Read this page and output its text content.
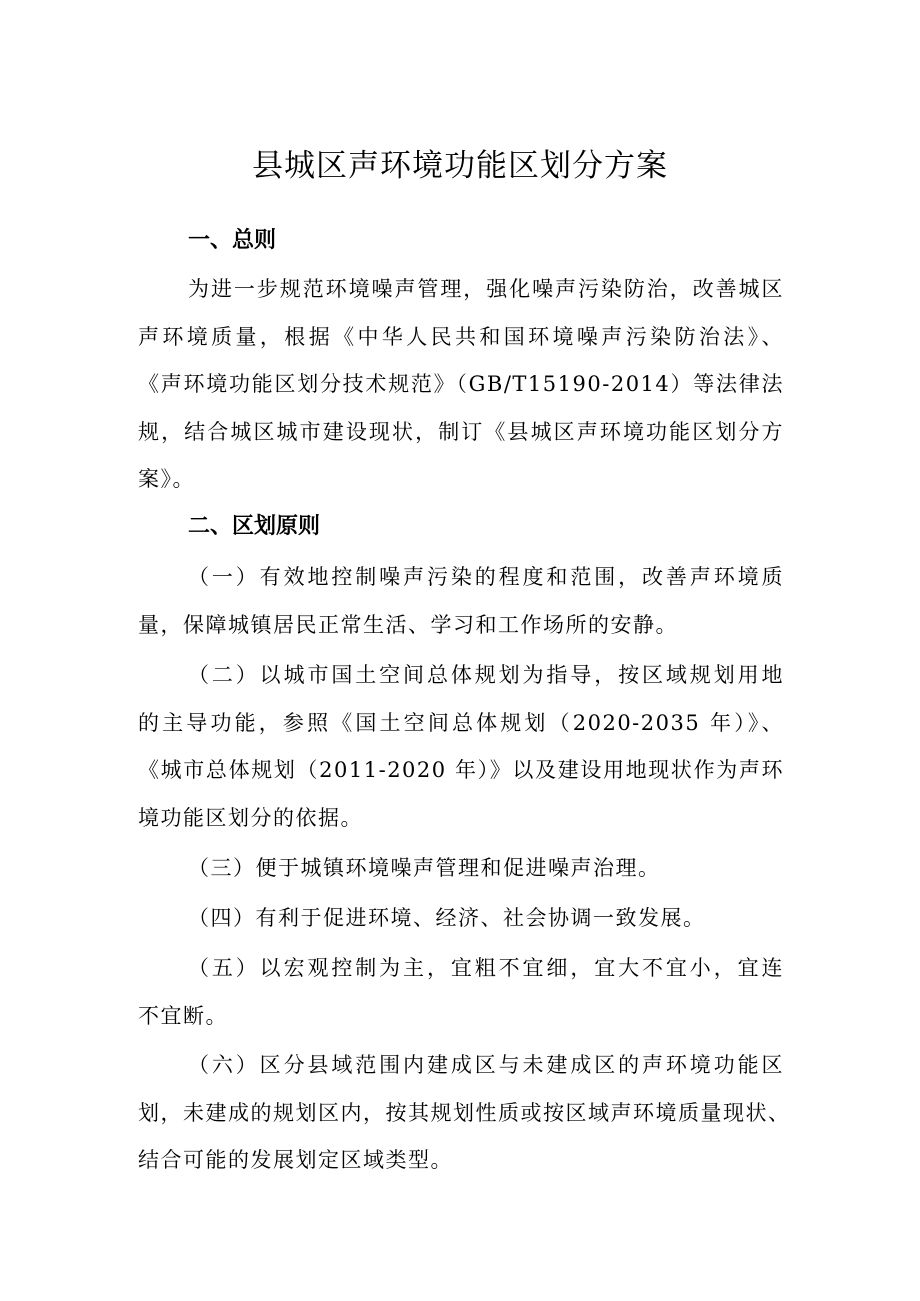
县城区声环境功能区划分方案
一、总则
为进一步规范环境噪声管理，强化噪声污染防治，改善城区
声环境质量，根据《中华人民共和国环境噪声污染防治法》、
《声环境功能区划分技术规范》（GB/T15190-2014）等法律法
规，结合城区城市建设现状，制订《县城区声环境功能区划分方
案》。
二、区划原则
（一）有效地控制噪声污染的程度和范围，改善声环境质
量，保障城镇居民正常生活、学习和工作场所的安静。
（二）以城市国土空间总体规划为指导，按区域规划用地
的主导功能，参照《国土空间总体规划（2020-2035 年）》、
《城市总体规划（2011-2020 年）》以及建设用地现状作为声环
境功能区划分的依据。
（三）便于城镇环境噪声管理和促进噪声治理。
（四）有利于促进环境、经济、社会协调一致发展。
（五）以宏观控制为主，宜粗不宜细，宜大不宜小，宜连
不宜断。
（六）区分县域范围内建成区与未建成区的声环境功能区
划，未建成的规划区内，按其规划性质或按区域声环境质量现状、
结合可能的发展划定区域类型。
